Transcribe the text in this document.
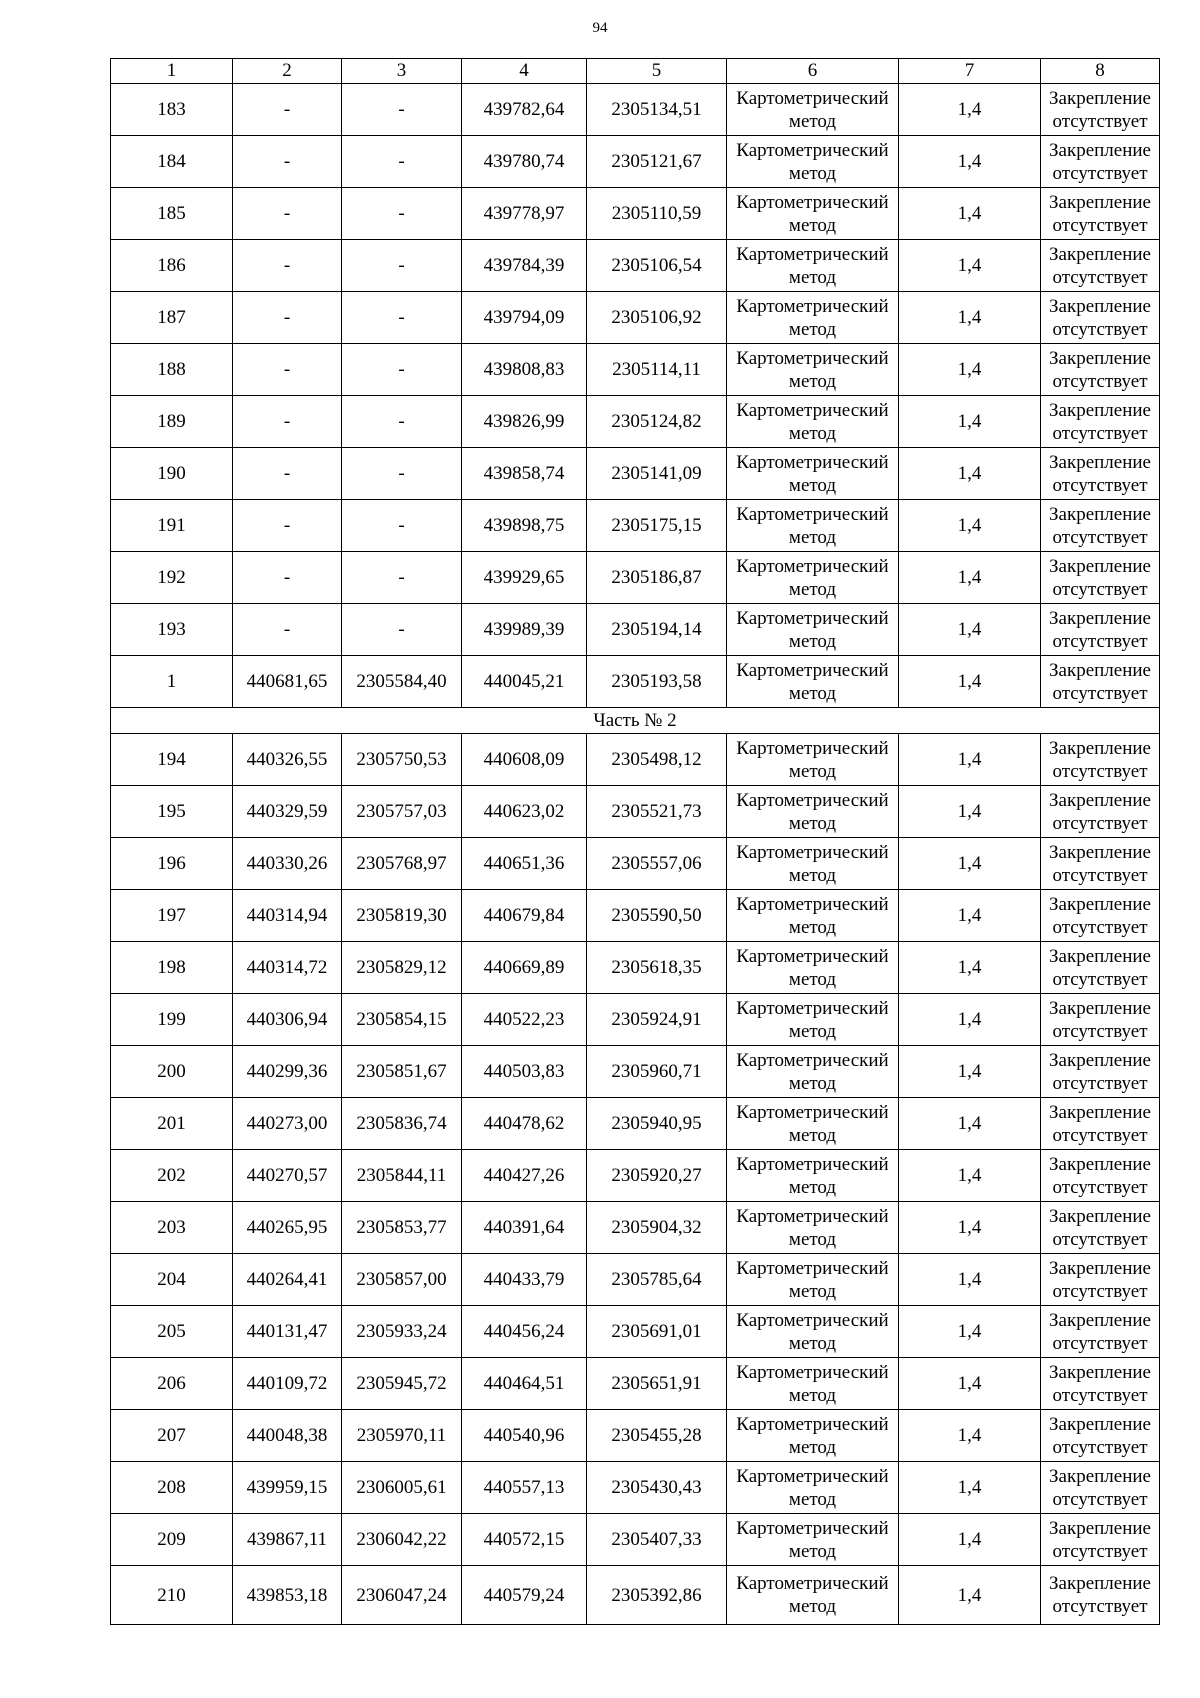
94
1	2	3	4	5	6	7	8
183	-	-	439782,64	2305134,51	Картометрический метод	1,4	Закрепление отсутствует
184	-	-	439780,74	2305121,67	Картометрический метод	1,4	Закрепление отсутствует
185	-	-	439778,97	2305110,59	Картометрический метод	1,4	Закрепление отсутствует
186	-	-	439784,39	2305106,54	Картометрический метод	1,4	Закрепление отсутствует
187	-	-	439794,09	2305106,92	Картометрический метод	1,4	Закрепление отсутствует
188	-	-	439808,83	2305114,11	Картометрический метод	1,4	Закрепление отсутствует
189	-	-	439826,99	2305124,82	Картометрический метод	1,4	Закрепление отсутствует
190	-	-	439858,74	2305141,09	Картометрический метод	1,4	Закрепление отсутствует
191	-	-	439898,75	2305175,15	Картометрический метод	1,4	Закрепление отсутствует
192	-	-	439929,65	2305186,87	Картометрический метод	1,4	Закрепление отсутствует
193	-	-	439989,39	2305194,14	Картометрический метод	1,4	Закрепление отсутствует
1	440681,65	2305584,40	440045,21	2305193,58	Картометрический метод	1,4	Закрепление отсутствует
Часть № 2							
194	440326,55	2305750,53	440608,09	2305498,12	Картометрический метод	1,4	Закрепление отсутствует
195	440329,59	2305757,03	440623,02	2305521,73	Картометрический метод	1,4	Закрепление отсутствует
196	440330,26	2305768,97	440651,36	2305557,06	Картометрический метод	1,4	Закрепление отсутствует
197	440314,94	2305819,30	440679,84	2305590,50	Картометрический метод	1,4	Закрепление отсутствует
198	440314,72	2305829,12	440669,89	2305618,35	Картометрический метод	1,4	Закрепление отсутствует
199	440306,94	2305854,15	440522,23	2305924,91	Картометрический метод	1,4	Закрепление отсутствует
200	440299,36	2305851,67	440503,83	2305960,71	Картометрический метод	1,4	Закрепление отсутствует
201	440273,00	2305836,74	440478,62	2305940,95	Картометрический метод	1,4	Закрепление отсутствует
202	440270,57	2305844,11	440427,26	2305920,27	Картометрический метод	1,4	Закрепление отсутствует
203	440265,95	2305853,77	440391,64	2305904,32	Картометрический метод	1,4	Закрепление отсутствует
204	440264,41	2305857,00	440433,79	2305785,64	Картометрический метод	1,4	Закрепление отсутствует
205	440131,47	2305933,24	440456,24	2305691,01	Картометрический метод	1,4	Закрепление отсутствует
206	440109,72	2305945,72	440464,51	2305651,91	Картометрический метод	1,4	Закрепление отсутствует
207	440048,38	2305970,11	440540,96	2305455,28	Картометрический метод	1,4	Закрепление отсутствует
208	439959,15	2306005,61	440557,13	2305430,43	Картометрический метод	1,4	Закрепление отсутствует
209	439867,11	2306042,22	440572,15	2305407,33	Картометрический метод	1,4	Закрепление отсутствует
210	439853,18	2306047,24	440579,24	2305392,86	Картометрический метод	1,4	Закрепление отсутствует
